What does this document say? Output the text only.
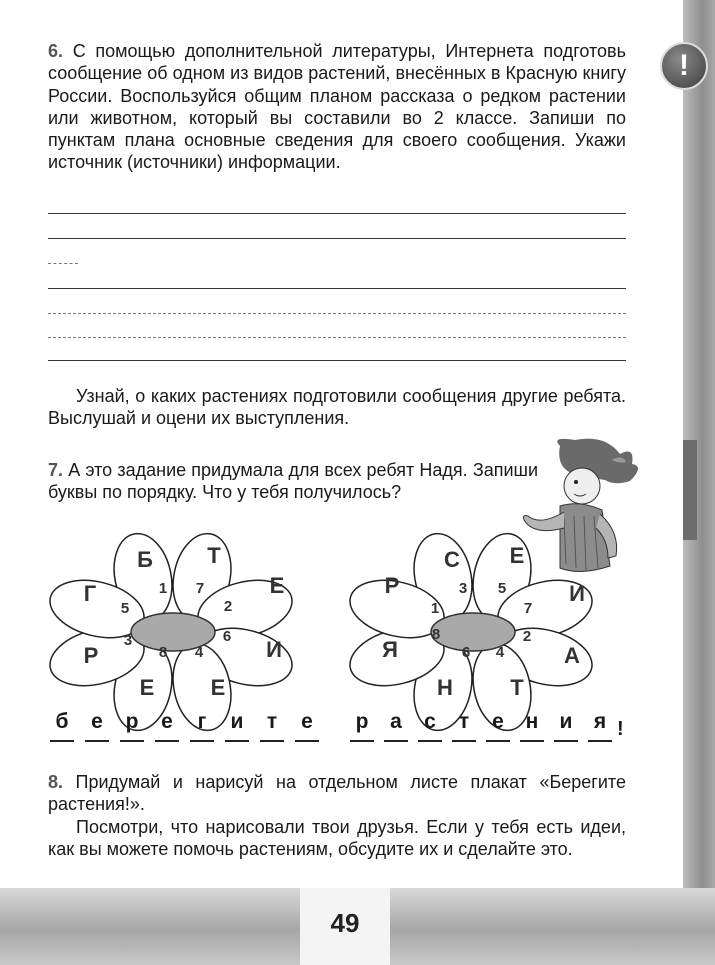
!

6. С помощью дополнительной литературы, Интернета подготовь сообщение об одном из видов растений, внесённых в Красную книгу России. Воспользуйся общим планом рассказа о редком растении или животном, который вы составили во 2 классе. Запиши по пунктам плана основные сведения для своего сообщения. Укажи источник (источники) информации.

Узнай, о каких растениях подготовили сообщения другие ребята. Выслушай и оцени их выступления.

7. А это задание придумала для всех ребят Надя. Запиши буквы по порядку. Что у тебя получилось?

Б Т
Е
И
Е
Е
Р
Г	1 7
2
6
4
8
3
5
С Е
И
А
Т
Н
Я
Р	3 5
7
2
4
6
8
1
б е р е	г	и	т	е р а с	т	е н и я !

8. Придумай и нарисуй на отдельном листе плакат «Берегите растения!».

Посмотри, что нарисовали твои друзья. Если у тебя есть идеи, как вы можете помочь растениям, обсудите их и сделайте это.

49
